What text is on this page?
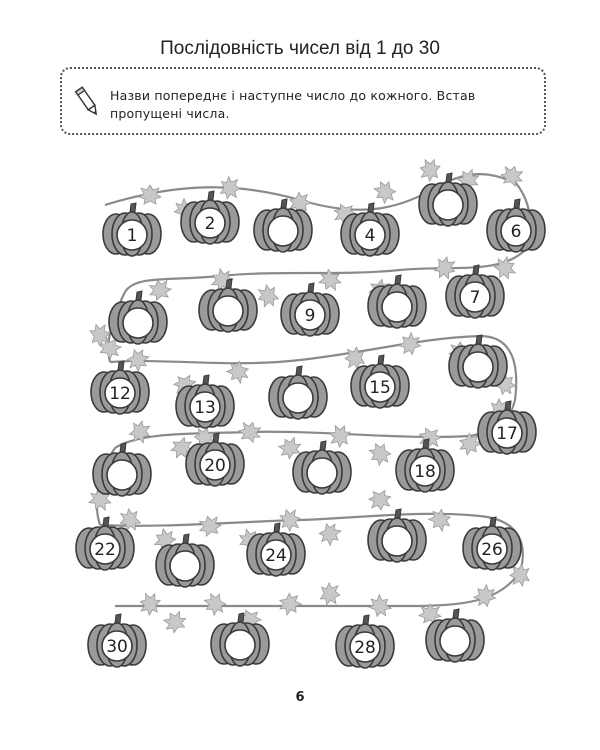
Послідовність чисел від 1 до 30
Назви попереднє і наступне число до кожного. Встав пропущені числа.
1
2
4	6
7
9
15
13
12
17
18
20
22	24	26
28
30
6
